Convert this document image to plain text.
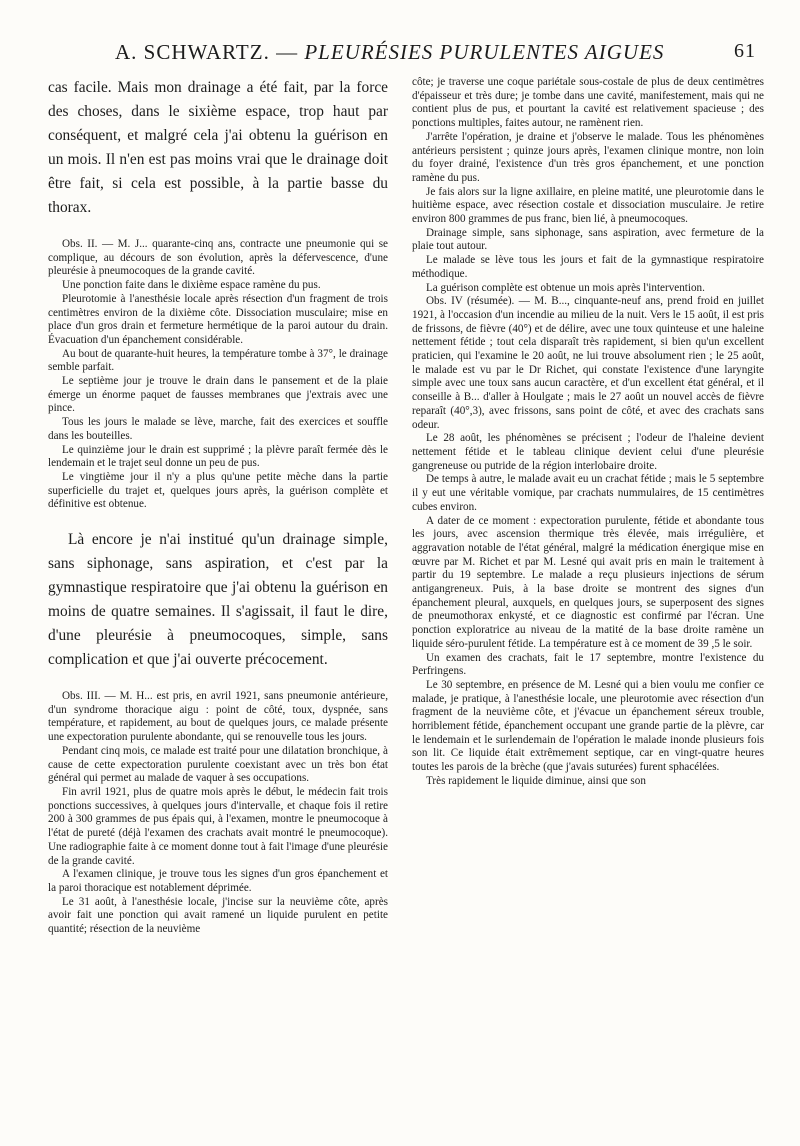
A. SCHWARTZ. — PLEURÉSIES PURULENTES AIGUES	61

cas facile. Mais mon drainage a été fait, par la force des choses, dans le sixième espace, trop haut par conséquent, et malgré cela j'ai obtenu la guérison en un mois. Il n'en est pas moins vrai que le drainage doit être fait, si cela est possible, à la partie basse du thorax.

Obs. II. — M. J... quarante-cinq ans, contracte une pneumonie qui se complique, au décours de son évolution, après la défervescence, d'une pleurésie à pneumocoques de la grande cavité.

Une ponction faite dans le dixième espace ramène du pus.

Pleurotomie à l'anesthésie locale après résection d'un fragment de trois centimètres environ de la dixième côte. Dissociation musculaire; mise en place d'un gros drain et fermeture hermétique de la paroi autour du drain. Évacuation d'un épanchement considérable.

Au bout de quarante-huit heures, la température tombe à 37°, le drainage semble parfait.

Le septième jour je trouve le drain dans le pansement et de la plaie émerge un énorme paquet de fausses membranes que j'extrais avec une pince.

Tous les jours le malade se lève, marche, fait des exercices et souffle dans les bouteilles.

Le quinzième jour le drain est supprimé ; la plèvre paraît fermée dès le lendemain et le trajet seul donne un peu de pus.

Le vingtième jour il n'y a plus qu'une petite mèche dans la partie superficielle du trajet et, quelques jours après, la guérison complète et définitive est obtenue.

Là encore je n'ai institué qu'un drainage simple, sans siphonage, sans aspiration, et c'est par la gymnastique respiratoire que j'ai obtenu la guérison en moins de quatre semaines. Il s'agissait, il faut le dire, d'une pleurésie à pneumocoques, simple, sans complication et que j'ai ouverte précocement.

Obs. III. — M. H... est pris, en avril 1921, sans pneumonie antérieure, d'un syndrome thoracique aigu : point de côté, toux, dyspnée, sans température, et rapidement, au bout de quelques jours, ce malade présente une expectoration purulente abondante, qui se renouvelle tous les jours.

Pendant cinq mois, ce malade est traité pour une dilatation bronchique, à cause de cette expectoration purulente coexistant avec un très bon état général qui permet au malade de vaquer à ses occupations.

Fin avril 1921, plus de quatre mois après le début, le médecin fait trois ponctions successives, à quelques jours d'intervalle, et chaque fois il retire 200 à 300 grammes de pus épais qui, à l'examen, montre le pneumocoque à l'état de pureté (déjà l'examen des crachats avait montré le pneumocoque). Une radiographie faite à ce moment donne tout à fait l'image d'une pleurésie de la grande cavité.

A l'examen clinique, je trouve tous les signes d'un gros épanchement et la paroi thoracique est notablement déprimée.

Le 31 août, à l'anesthésie locale, j'incise sur la neuvième côte, après avoir fait une ponction qui avait ramené un liquide purulent en petite quantité; résection de la neuvième

côte; je traverse une coque pariétale sous-costale de plus de deux centimètres d'épaisseur et très dure; je tombe dans une cavité, manifestement, mais qui ne contient plus de pus, et pourtant la cavité est relativement spacieuse ; des ponctions multiples, faites autour, ne ramènent rien.

J'arrête l'opération, je draine et j'observe le malade. Tous les phénomènes antérieurs persistent ; quinze jours après, l'examen clinique montre, non loin du foyer drainé, l'existence d'un très gros épanchement, et une ponction ramène du pus.

Je fais alors sur la ligne axillaire, en pleine matité, une pleurotomie dans le huitième espace, avec résection costale et dissociation musculaire. Je retire environ 800 grammes de pus franc, bien lié, à pneumocoques.

Drainage simple, sans siphonage, sans aspiration, avec fermeture de la plaie tout autour.

Le malade se lève tous les jours et fait de la gymnastique respiratoire méthodique.

La guérison complète est obtenue un mois après l'intervention.

Obs. IV (résumée). — M. B..., cinquante-neuf ans, prend froid en juillet 1921, à l'occasion d'un incendie au milieu de la nuit. Vers le 15 août, il est pris de frissons, de fièvre (40°) et de délire, avec une toux quinteuse et une haleine nettement fétide ; tout cela disparaît très rapidement, si bien qu'un excellent praticien, qui l'examine le 20 août, ne lui trouve absolument rien ; le 25 août, le malade est vu par le Dr Richet, qui constate l'existence d'une laryngite simple avec une toux sans aucun caractère, et d'un excellent état général, et il conseille à B... d'aller à Houlgate ; mais le 27 août un nouvel accès de fièvre reparaît (40°,3), avec frissons, sans point de côté, et avec des crachats sans odeur.

Le 28 août, les phénomènes se précisent ; l'odeur de l'haleine devient nettement fétide et le tableau clinique devient celui d'une pleurésie gangreneuse ou putride de la région interlobaire droite.

De temps à autre, le malade avait eu un crachat fétide ; mais le 5 septembre il y eut une véritable vomique, par crachats nummulaires, de 15 centimètres cubes environ.

A dater de ce moment : expectoration purulente, fétide et abondante tous les jours, avec ascension thermique très élevée, mais irrégulière, et aggravation notable de l'état général, malgré la médication énergique mise en œuvre par M. Richet et par M. Lesné qui avait pris en main le traitement à partir du 19 septembre. Le malade a reçu plusieurs injections de sérum antigangreneux. Puis, à la base droite se montrent des signes d'un épanchement pleural, auxquels, en quelques jours, se superposent des signes de pneumothorax enkysté, et ce diagnostic est confirmé par l'écran. Une ponction exploratrice au niveau de la matité de la base droite ramène un liquide séro-purulent fétide. La température est à ce moment de 39 ,5 le soir.

Un examen des crachats, fait le 17 septembre, montre l'existence du Perfringens.

Le 30 septembre, en présence de M. Lesné qui a bien voulu me confier ce malade, je pratique, à l'anesthésie locale, une pleurotomie avec résection d'un fragment de la neuvième côte, et j'évacue un épanchement séreux trouble, horriblement fétide, épanchement occupant une grande partie de la plèvre, car le lendemain et le surlendemain de l'opération le malade inonde plusieurs fois son lit. Ce liquide était extrêmement septique, car en vingt-quatre heures toutes les parois de la brèche (que j'avais suturées) furent sphacélées.

Très rapidement le liquide diminue, ainsi que son
